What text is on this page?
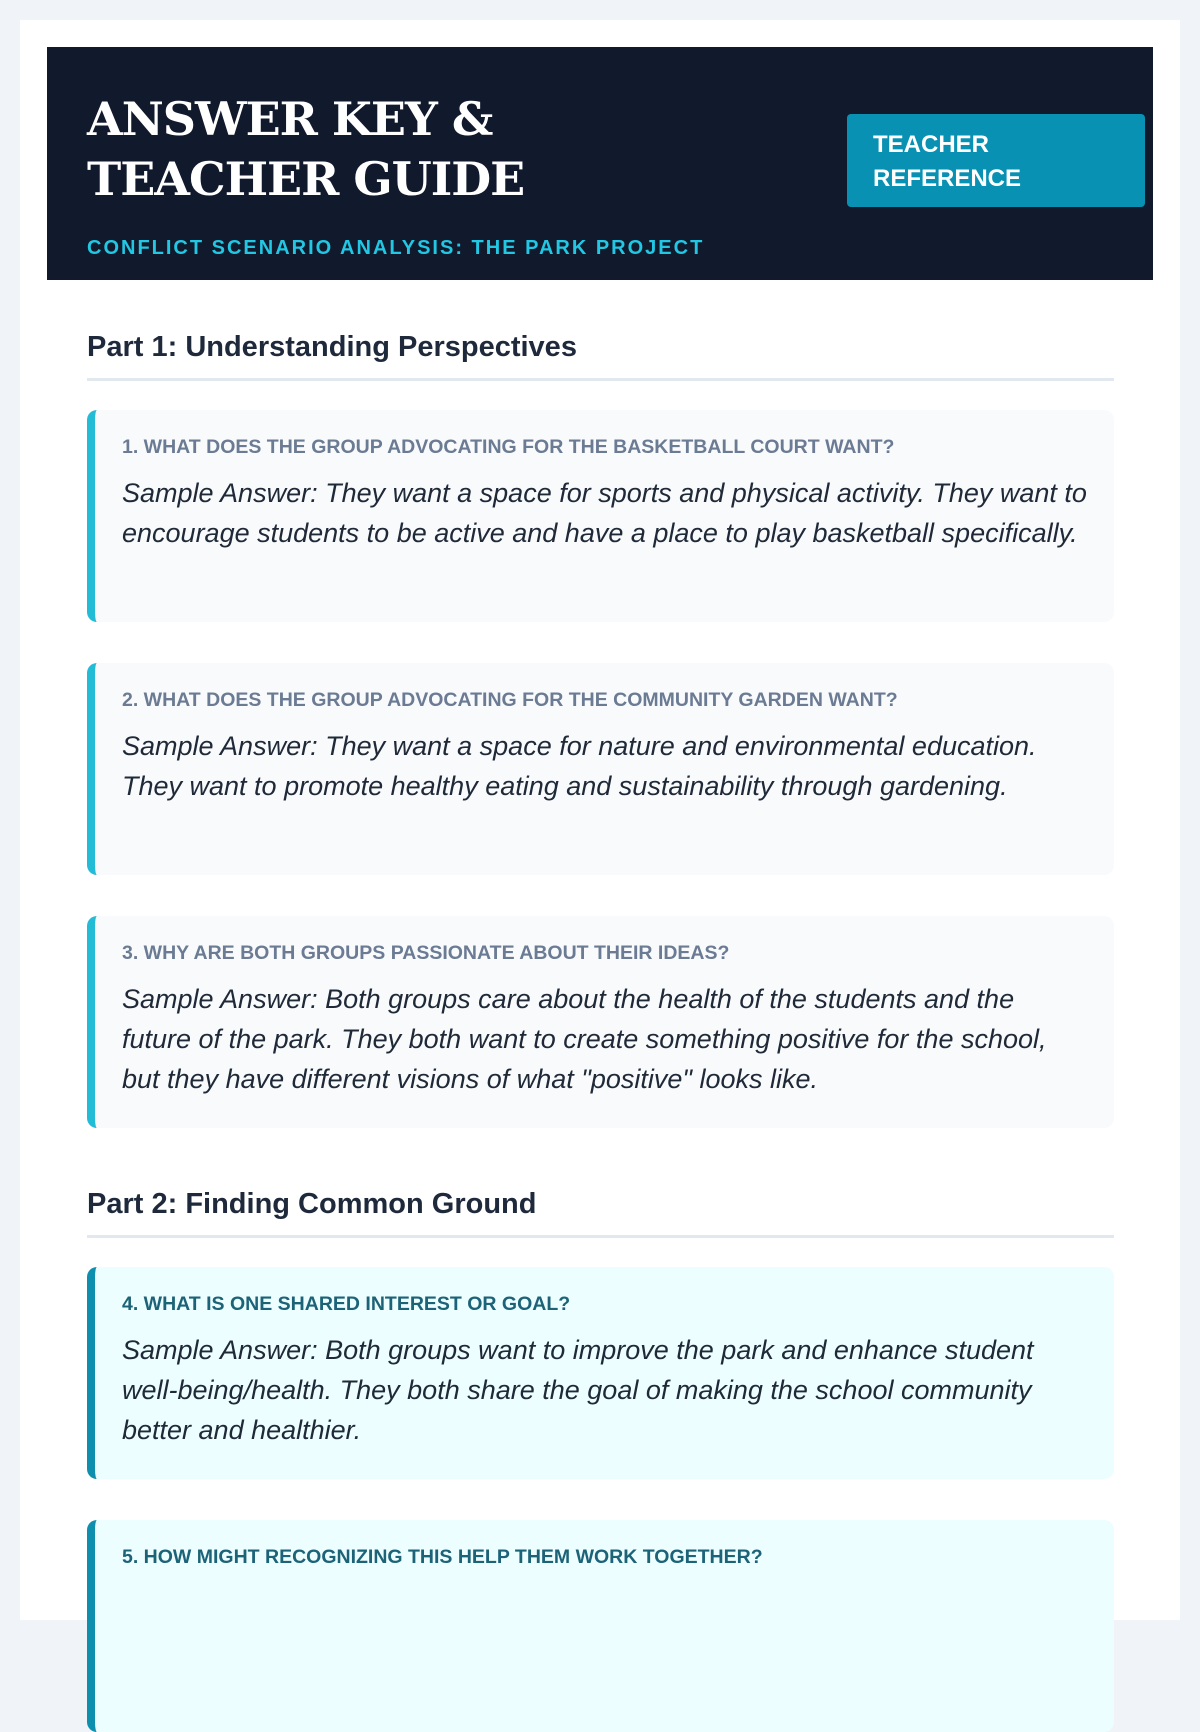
ANSWER KEY & TEACHER GUIDE
CONFLICT SCENARIO ANALYSIS: THE PARK PROJECT
TEACHER REFERENCE
Part 1: Understanding Perspectives
1. WHAT DOES THE GROUP ADVOCATING FOR THE BASKETBALL COURT WANT?
Sample Answer: They want a space for sports and physical activity. They want to encourage students to be active and have a place to play basketball specifically.
2. WHAT DOES THE GROUP ADVOCATING FOR THE COMMUNITY GARDEN WANT?
Sample Answer: They want a space for nature and environmental education. They want to promote healthy eating and sustainability through gardening.
3. WHY ARE BOTH GROUPS PASSIONATE ABOUT THEIR IDEAS?
Sample Answer: Both groups care about the health of the students and the future of the park. They both want to create something positive for the school, but they have different visions of what "positive" looks like.
Part 2: Finding Common Ground
4. WHAT IS ONE SHARED INTEREST OR GOAL?
Sample Answer: Both groups want to improve the park and enhance student well-being/health. They both share the goal of making the school community better and healthier.
5. HOW MIGHT RECOGNIZING THIS HELP THEM WORK TOGETHER?
